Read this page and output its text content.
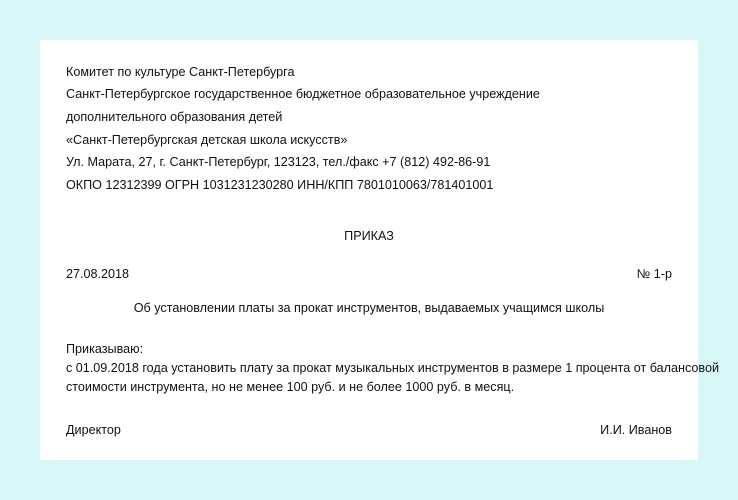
Комитет по культуре Санкт-Петербурга
Санкт-Петербургское государственное бюджетное образовательное учреждение
дополнительного образования детей
«Санкт-Петербургская детская школа искусств»
Ул. Марата, 27, г. Санкт-Петербург, 123123, тел./факс +7 (812) 492-86-91
ОКПО 12312399 ОГРН 1031231230280 ИНН/КПП 7801010063/781401001
ПРИКАЗ
27.08.2018	№ 1-р
Об установлении платы за прокат инструментов, выдаваемых учащимся школы
Приказываю:
с 01.09.2018 года установить плату за прокат музыкальных инструментов в размере 1 процента от балансовой
стоимости инструмента, но не менее 100 руб. и не более 1000 руб. в месяц.
Директор	И.И. Иванов
